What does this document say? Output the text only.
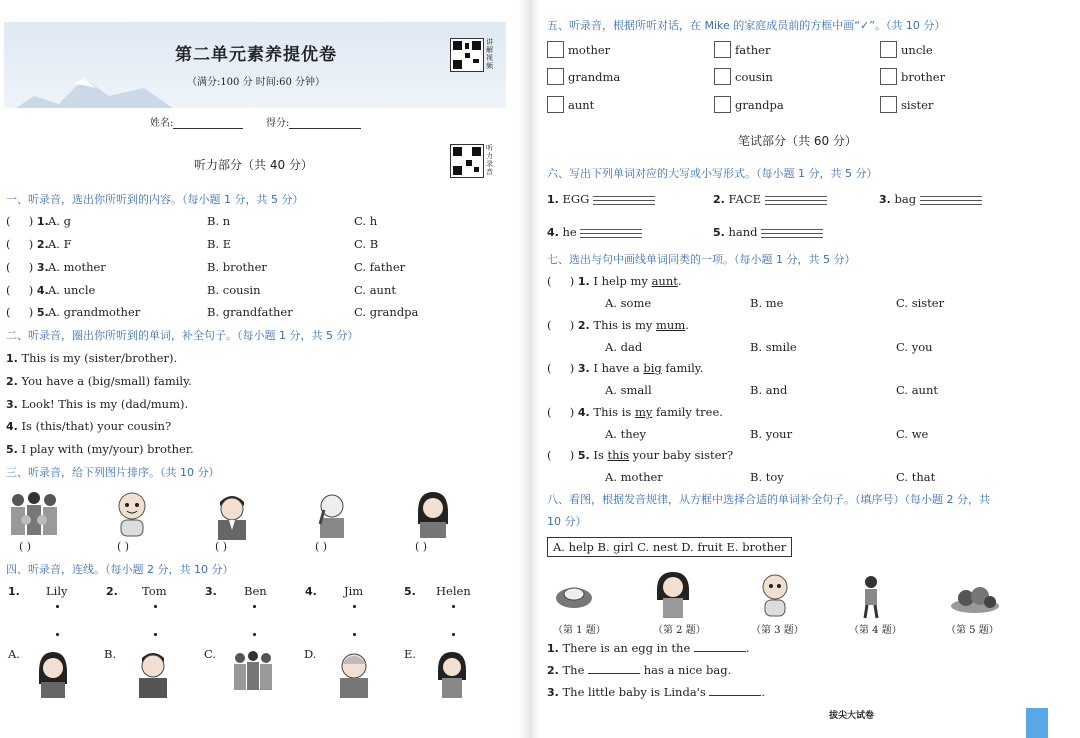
第二单元素养提优卷
（满分:100 分 时间:60 分钟）
讲解视频
姓名:	得分:
听力部分（共 40 分）
听力录音
一、听录音，选出你所听到的内容。（每小题 1 分，共 5 分）
(     ) 1. A. g	B. n	C. h
(     ) 2. A. F	B. E	C. B
(     ) 3. A. mother	B. brother	C. father
(     ) 4. A. uncle	B. cousin	C. aunt
(     ) 5. A. grandmother	B. grandfather	C. grandpa
二、听录音，圈出你所听到的单词，补全句子。（每小题 1 分，共 5 分）
1. This is my (sister/brother).
2. You have a (big/small) family.
3. Look! This is my (dad/mum).
4. Is (this/that) your cousin?
5. I play with (my/your) brother.
三、听录音，给下列图片排序。（共 10 分）
( )	( )	( )	( )	( )
四、听录音，连线。（每小题 2 分，共 10 分）
1. Lily	2. Tom	3. Ben	4. Jim	5. Helen
A.	B.	C.	D.	E.
五、听录音，根据所听对话，在 Mike 的家庭成员前的方框中画“✓”。（共 10 分）
mother	father	uncle
grandma	cousin	brother
aunt	grandpa	sister
笔试部分（共 60 分）
六、写出下列单词对应的大写或小写形式。（每小题 1 分，共 5 分）
1. EGG	2. FACE	3. bag
4. he	5. hand
七、选出与句中画线单词同类的一项。（每小题 1 分，共 5 分）
(     ) 1. I help my aunt.
A. some	B. me	C. sister
(     ) 2. This is my mum.
A. dad	B. smile	C. you
(     ) 3. I have a big family.
A. small	B. and	C. aunt
(     ) 4. This is my family tree.
A. they	B. your	C. we
(     ) 5. Is this your baby sister?
A. mother	B. toy	C. that
八、看图，根据发音规律，从方框中选择合适的单词补全句子。（填序号）（每小题 2 分，共
10 分）
A. help B. girl C. nest D. fruit E. brother
（第 1 题）	（第 2 题）	（第 3 题）	（第 4 题）	（第 5 题）
1. There is an egg in the	.
2. The	has a nice bag.
3. The little baby is Linda's	.
拔尖大试卷
